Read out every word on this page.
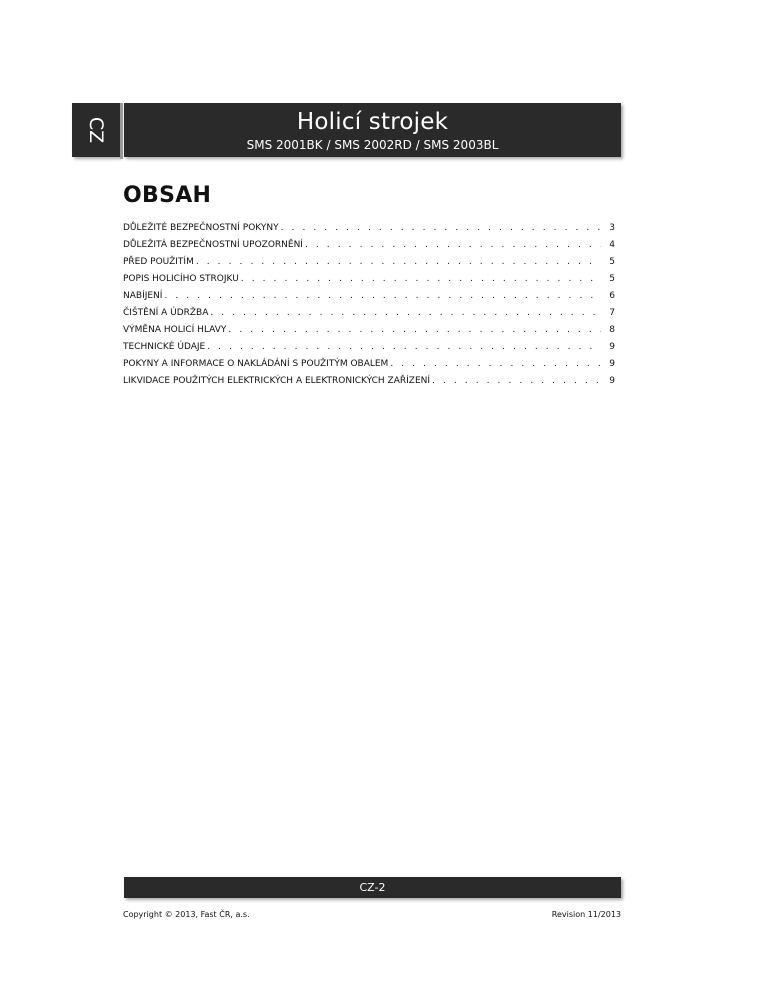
CZ	Holicí strojek
SMS 2001BK / SMS 2002RD / SMS 2003BL
OBSAH
DŮLEŽITÉ BEZPEČNOSTNÍ POKYNY . . .	3
DŮLEŽITÁ BEZPEČNOSTNÍ UPOZORNĚNÍ . . .	4
PŘED POUŽITÍM . . .	5
POPIS HOLICÍHO STROJKU . . .	5
NABÍJENÍ . . .	6
ČIŠTĚNÍ A ÚDRŽBA . . .	7
VÝMĚNA HOLICÍ HLAVY . . .	8
TECHNICKÉ ÚDAJE . . .	9
POKYNY A INFORMACE O NAKLÁDÁNÍ S POUŽITÝM OBALEM . . .	9
LIKVIDACE POUŽITÝCH ELEKTRICKÝCH A ELEKTRONICKÝCH ZAŘÍZENÍ . . .	9
CZ-2
Copyright © 2013, Fast ČR, a.s.	Revision 11/2013
